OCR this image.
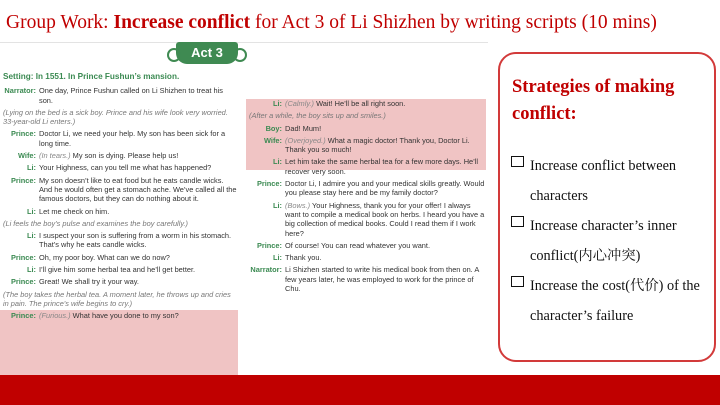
Group Work: Increase conflict for Act 3 of Li Shizhen by writing scripts (10 mins)
Act 3
Setting: In 1551. In Prince Fushun’s mansion.
Narrator: One day, Prince Fushun called on Li Shizhen to treat his son.
(Lying on the bed is a sick boy. Prince and his wife look very worried. 33-year-old Li enters.)
Prince: Doctor Li, we need your help. My son has been sick for a long time.
Wife: (In tears.) My son is dying. Please help us!
Li: Your Highness, can you tell me what has happened?
Prince: My son doesn’t like to eat food but he eats candle wicks. And he would often get a stomach ache. We’ve called all the famous doctors, but they can do nothing about it.
Li: Let me check on him.
(Li feels the boy’s pulse and examines the boy carefully.)
Li: I suspect your son is suffering from a worm in his stomach. That’s why he eats candle wicks.
Prince: Oh, my poor boy. What can we do now?
Li: I’ll give him some herbal tea and he’ll get better.
Prince: Great! We shall try it your way.
(The boy takes the herbal tea. A moment later, he throws up and cries in pain. The prince’s wife begins to cry.)
Prince: (Furious.) What have you done to my son?
Li: (Calmly.) Wait! He’ll be all right soon.
(After a while, the boy sits up and smiles.)
Boy: Dad! Mum!
Wife: (Overjoyed.) What a magic doctor! Thank you, Doctor Li. Thank you so much!
Li: Let him take the same herbal tea for a few more days. He’ll recover very soon.
Prince: Doctor Li, I admire you and your medical skills greatly. Would you please stay here and be my family doctor?
Li: (Bows.) Your Highness, thank you for your offer! I always want to compile a medical book on herbs. I heard you have a big collection of medical books. Could I read them if I work here?
Prince: Of course! You can read whatever you want.
Li: Thank you.
Narrator: Li Shizhen started to write his medical book from then on. A few years later, he was employed to work for the prince of Chu.
Strategies of making conflict:
Increase conflict between characters
Increase character’s inner conflict(内心冲突)
Increase the cost(代价) of the character’s failure
